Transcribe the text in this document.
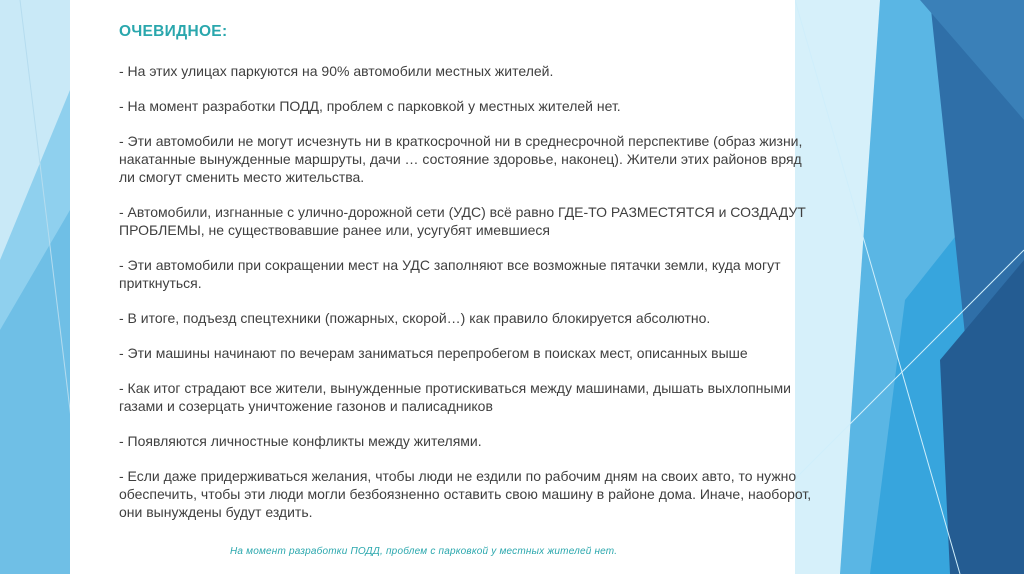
ОЧЕВИДНОЕ:

- На этих улицах паркуются на 90% автомобили местных жителей.

- На момент разработки ПОДД, проблем с парковкой у местных жителей нет.

- Эти автомобили не могут исчезнуть ни в краткосрочной ни в среднесрочной перспективе (образ жизни, накатанные вынужденные маршруты, дачи … состояние здоровье, наконец). Жители этих районов вряд ли смогут сменить место жительства.

- Автомобили, изгнанные с улично-дорожной сети (УДС) всё равно ГДЕ-ТО РАЗМЕСТЯТСЯ и СОЗДАДУТ ПРОБЛЕМЫ, не существовавшие ранее или, усугубят имевшиеся

- Эти автомобили при сокращении мест на УДС заполняют все возможные пятачки земли, куда могут приткнуться.

- В итоге, подъезд спецтехники (пожарных, скорой…) как правило блокируется абсолютно.

- Эти машины начинают по вечерам заниматься перепробегом в поисках мест, описанных выше

- Как итог страдают все жители, вынужденные протискиваться между машинами, дышать выхлопными газами и созерцать уничтожение газонов и палисадников

- Появляются личностные конфликты между жителями.

- Если даже придерживаться желания, чтобы люди не ездили по рабочим дням на своих авто, то нужно обеспечить, чтобы эти люди могли безбоязненно оставить свою машину в районе дома. Иначе, наоборот, они вынуждены будут ездить.

На момент разработки ПОДД, проблем с парковкой у местных жителей нет.
